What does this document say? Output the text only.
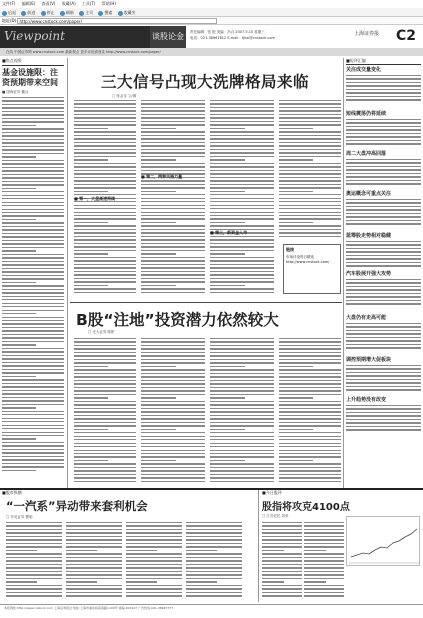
文件(F) 编辑(E) 查看(V) 收藏(A) 工具(T) 帮助(H)
后退	前进	停止	刷新	主页	搜索	收藏夹
地址(D) http://www.cnstock.com/paper/
Viewpoint	谈股论金	责任编辑：张 艳 美编：冯卉 2007.5.15 星期三
电话：021-38967812 E-mail：fjhai@cnstock.com
上海证券报 C2
在线 中国证券网 www.cnstock.com 最新观点 更多评论请登录 http://www.cnstock.com/paper/
■焦点视角
基金设施限：注资预期带来空间
■ 国海证券 戴兵
三大信号凸现大洗牌格局来临
□ 张金龙 文/图
■ 第一，大盘高速持续
■ 第二，两种风格力量
■ 第三，新资金入市
链接
市场评论每日精选 http://www.cnstock.com/
B股“注地”投资潜力依然较大
□ 光大证券 陈彬
■短评汇编
关注成交量变化
短线震荡仍将延续
周二大盘冲高回落
奥运概念可重点关注
蓝筹股走势相对稳健
汽车股展开强大攻势
大盘仍有走高可能
调控预期增大促板块
上升趋势没有改变
■股市纵横
“一汽系”异动带来套利机会
□ 东吴证券 曹明
■今日股评
股指将攻克4100点
□ 江苏信托 刘荣
本报网址:http://www.cnstock.com 上海证券报社 地址:上海市浦东杨高南路1100号 邮编:200127 广告热线:021-38967777
